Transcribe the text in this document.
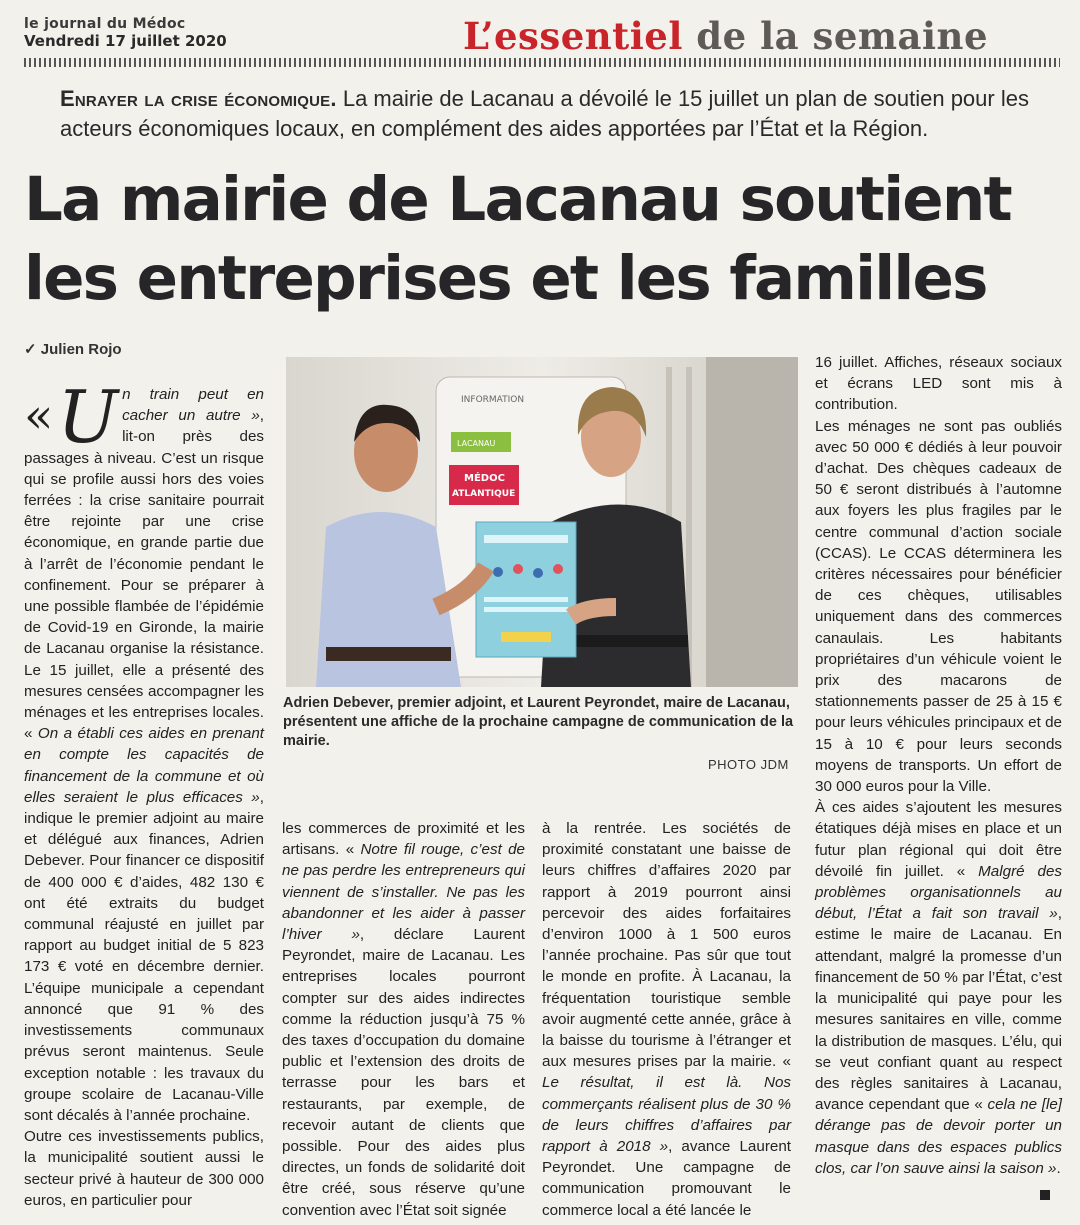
le journal du Médoc
Vendredi 17 juillet 2020	L’essentiel de la semaine
Enrayer la crise économique. La mairie de Lacanau a dévoilé le 15 juillet un plan de soutien pour les acteurs économiques locaux, en complément des aides apportées par l’État et la Région.
La mairie de Lacanau soutient les entreprises et les familles
✓ Julien Rojo
INFORMATION
LACANAU
MÉDOC
ATLANTIQUE
Adrien Debever, premier adjoint, et Laurent Peyrondet, maire de Lacanau, présentent une affiche de la prochaine campagne de communication de la mairie.
PHOTO JDM

« U n train peut en cacher un autre », lit-on près des passages à niveau. C’est un risque qui se profile aussi hors des voies ferrées : la crise sanitaire pourrait être rejointe par une crise économique, en grande partie due à l’arrêt de l’économie pendant le confinement. Pour se préparer à une possible flambée de l’épidémie de Covid-19 en Gironde, la mairie de Lacanau organise la résistance. Le 15 juillet, elle a présenté des mesures censées accompagner les ménages et les entreprises locales. « On a établi ces aides en prenant en compte les capacités de financement de la commune et où elles seraient le plus efficaces », indique le premier adjoint au maire et délégué aux finances, Adrien Debever. Pour financer ce dispositif de 400 000 € d’aides, 482 130 € ont été extraits du budget communal réajusté en juillet par rapport au budget initial de 5 823 173 € voté en décembre dernier. L’équipe municipale a cependant annoncé que 91 % des investissements communaux prévus seront maintenus. Seule exception notable : les travaux du groupe scolaire de Lacanau-Ville sont décalés à l’année prochaine.

Outre ces investissements publics, la municipalité soutient aussi le secteur privé à hauteur de 300 000 euros, en particulier pour

les commerces de proximité et les artisans. « Notre fil rouge, c’est de ne pas perdre les entrepreneurs qui viennent de s’installer. Ne pas les abandonner et les aider à passer l’hiver », déclare Laurent Peyrondet, maire de Lacanau. Les entreprises locales pourront compter sur des aides indirectes comme la réduction jusqu’à 75 % des taxes d’occupation du domaine public et l’extension des droits de terrasse pour les bars et restaurants, par exemple, de recevoir autant de clients que possible. Pour des aides plus directes, un fonds de solidarité doit être créé, sous réserve qu’une convention avec l’État soit signée

à la rentrée. Les sociétés de proximité constatant une baisse de leurs chiffres d’affaires 2020 par rapport à 2019 pourront ainsi percevoir des aides forfaitaires d’environ 1000 à 1 500 euros l’année prochaine. Pas sûr que tout le monde en profite. À Lacanau, la fréquentation touristique semble avoir augmenté cette année, grâce à la baisse du tourisme à l’étranger et aux mesures prises par la mairie. « Le résultat, il est là. Nos commerçants réalisent plus de 30 % de leurs chiffres d’affaires par rapport à 2018 », avance Laurent Peyrondet. Une campagne de communication promouvant le commerce local a été lancée le

16 juillet. Affiches, réseaux sociaux et écrans LED sont mis à contribution.

Les ménages ne sont pas oubliés avec 50 000 € dédiés à leur pouvoir d’achat. Des chèques cadeaux de 50 € seront distribués à l’automne aux foyers les plus fragiles par le centre communal d’action sociale (CCAS). Le CCAS déterminera les critères nécessaires pour bénéficier de ces chèques, utilisables uniquement dans des commerces canaulais. Les habitants propriétaires d’un véhicule voient le prix des macarons de stationnements passer de 25 à 15 € pour leurs véhicules principaux et de 15 à 10 € pour leurs seconds moyens de transports. Un effort de 30 000 euros pour la Ville.

À ces aides s’ajoutent les mesures étatiques déjà mises en place et un futur plan régional qui doit être dévoilé fin juillet. « Malgré des problèmes organisationnels au début, l’État a fait son travail », estime le maire de Lacanau. En attendant, malgré la promesse d’un financement de 50 % par l’État, c’est la municipalité qui paye pour les mesures sanitaires en ville, comme la distribution de masques. L’élu, qui se veut confiant quant au respect des règles sanitaires à Lacanau, avance cependant que « cela ne [le] dérange pas de devoir porter un masque dans des espaces publics clos, car l’on sauve ainsi la saison ».
